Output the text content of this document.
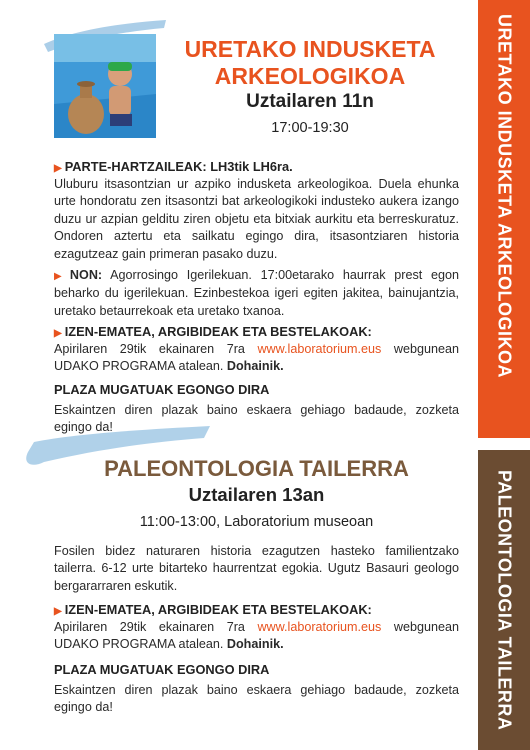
URETAKO INDUSKETA ARKEOLOGIKOA
PALEONTOLOGIA TAILERRA
URETAKO INDUSKETA
ARKEOLOGIKOA
Uztailaren 11n
17:00-19:30
▶ PARTE-HARTZAILEAK: LH3tik LH6ra.
Uluburu itsasontzian ur azpiko indusketa arkeologikoa. Duela ehunka urte hondoratu zen itsasontzi bat arkeologikoki industeko aukera izango duzu ur azpian gelditu ziren objetu eta bitxiak aurkitu eta berreskuratuz. Ondoren aztertu eta sailkatu egingo dira, itsasontziaren historia ezagutzeaz gain primeran pasako duzu.
▶ NON: Agorrosingo Igerilekuan. 17:00etarako haurrak prest egon beharko du igerilekuan. Ezinbestekoa igeri egiten jakitea, bainujantzia, uretako betaurrekoak eta uretako txanoa.
▶ IZEN-EMATEA, ARGIBIDEAK ETA BESTELAKOAK:
Apirilaren 29tik ekainaren 7ra www.laboratorium.eus webgunean UDAKO PROGRAMA atalean. Dohainik.
PLAZA MUGATUAK EGONGO DIRA
Eskaintzen diren plazak baino eskaera gehiago badaude, zozketa egingo da!
PALEONTOLOGIA TAILERRA
Uztailaren 13an
11:00-13:00, Laboratorium museoan
Fosilen bidez naturaren historia ezagutzen hasteko familientzako tailerra. 6-12 urte bitarteko haurrentzat egokia. Ugutz Basauri geologo bergararraren eskutik.
▶ IZEN-EMATEA, ARGIBIDEAK ETA BESTELAKOAK:
Apirilaren 29tik ekainaren 7ra www.laboratorium.eus webgunean UDAKO PROGRAMA atalean. Dohainik.
PLAZA MUGATUAK EGONGO DIRA
Eskaintzen diren plazak baino eskaera gehiago badaude, zozketa egingo da!
